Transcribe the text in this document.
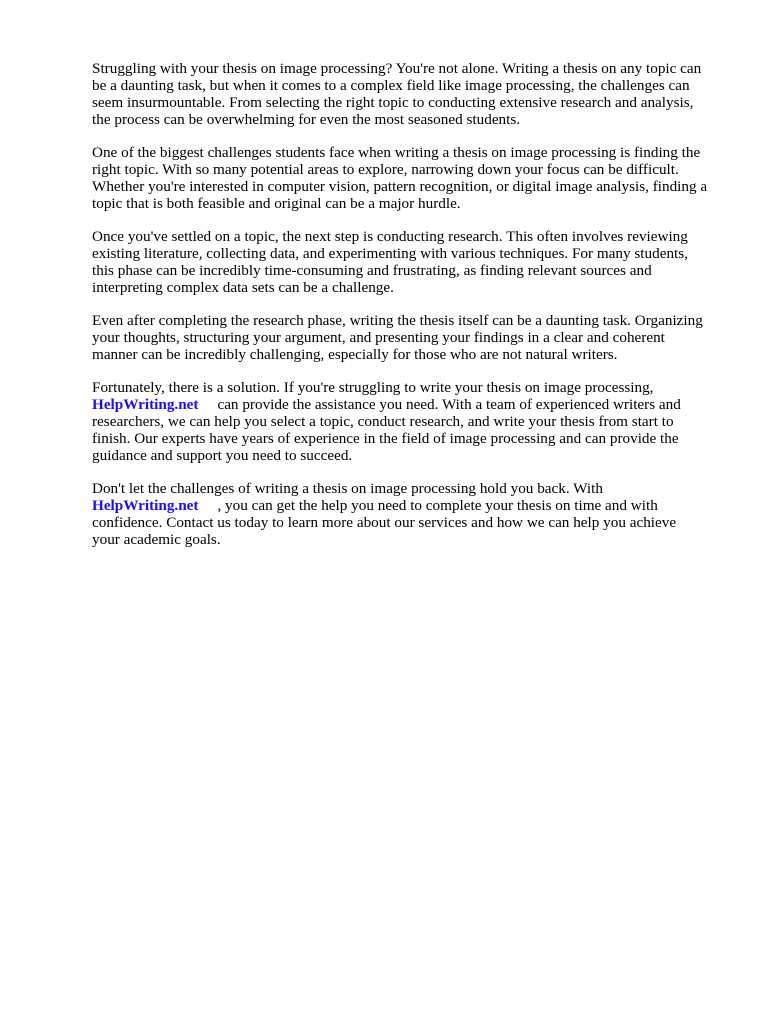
Struggling with your thesis on image processing? You're not alone. Writing a thesis on any topic can
be a daunting task, but when it comes to a complex field like image processing, the challenges can
seem insurmountable. From selecting the right topic to conducting extensive research and analysis,
the process can be overwhelming for even the most seasoned students.

One of the biggest challenges students face when writing a thesis on image processing is finding the
right topic. With so many potential areas to explore, narrowing down your focus can be difficult.
Whether you're interested in computer vision, pattern recognition, or digital image analysis, finding a
topic that is both feasible and original can be a major hurdle.

Once you've settled on a topic, the next step is conducting research. This often involves reviewing
existing literature, collecting data, and experimenting with various techniques. For many students,
this phase can be incredibly time-consuming and frustrating, as finding relevant sources and
interpreting complex data sets can be a challenge.

Even after completing the research phase, writing the thesis itself can be a daunting task. Organizing
your thoughts, structuring your argument, and presenting your findings in a clear and coherent
manner can be incredibly challenging, especially for those who are not natural writers.

Fortunately, there is a solution. If you're struggling to write your thesis on image processing,
HelpWriting.net     can provide the assistance you need. With a team of experienced writers and
researchers, we can help you select a topic, conduct research, and write your thesis from start to
finish. Our experts have years of experience in the field of image processing and can provide the
guidance and support you need to succeed.

Don't let the challenges of writing a thesis on image processing hold you back. With
HelpWriting.net     , you can get the help you need to complete your thesis on time and with
confidence. Contact us today to learn more about our services and how we can help you achieve
your academic goals.
